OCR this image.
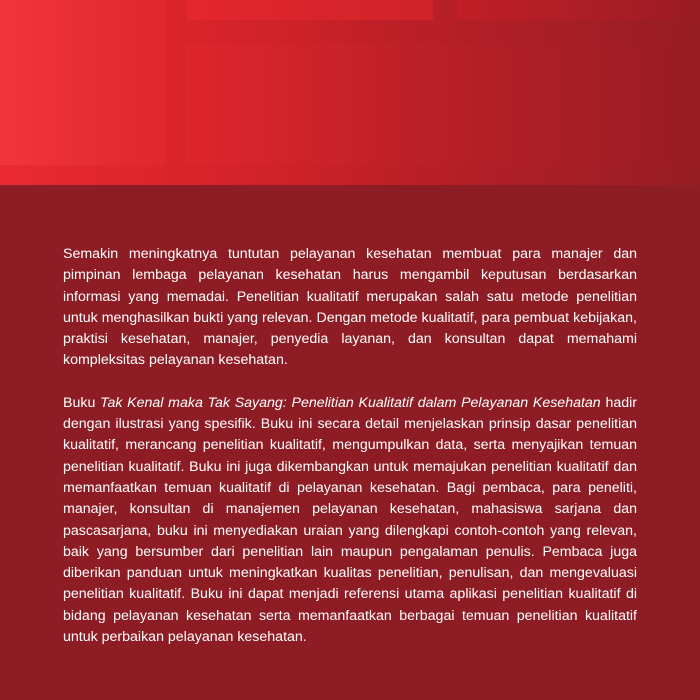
Semakin meningkatnya tuntutan pelayanan kesehatan membuat para manajer dan pimpinan lembaga pelayanan kesehatan harus mengambil keputusan berdasarkan informasi yang memadai. Penelitian kualitatif merupakan salah satu metode penelitian untuk menghasilkan bukti yang relevan. Dengan metode kualitatif, para pembuat kebijakan, praktisi kesehatan, manajer, penyedia layanan, dan konsultan dapat memahami kompleksitas pelayanan kesehatan.

Buku Tak Kenal maka Tak Sayang: Penelitian Kualitatif dalam Pelayanan Kesehatan hadir dengan ilustrasi yang spesifik. Buku ini secara detail menjelaskan prinsip dasar penelitian kualitatif, merancang penelitian kualitatif, mengumpulkan data, serta menyajikan temuan penelitian kualitatif. Buku ini juga dikembangkan untuk memajukan penelitian kualitatif dan memanfaatkan temuan kualitatif di pelayanan kesehatan. Bagi pembaca, para peneliti, manajer, konsultan di manajemen pelayanan kesehatan, mahasiswa sarjana dan pascasarjana, buku ini menyediakan uraian yang dilengkapi contoh-contoh yang relevan, baik yang bersumber dari penelitian lain maupun pengalaman penulis. Pembaca juga diberikan panduan untuk meningkatkan kualitas penelitian, penulisan, dan mengevaluasi penelitian kualitatif. Buku ini dapat menjadi referensi utama aplikasi penelitian kualitatif di bidang pelayanan kesehatan serta memanfaatkan berbagai temuan penelitian kualitatif untuk perbaikan pelayanan kesehatan.
